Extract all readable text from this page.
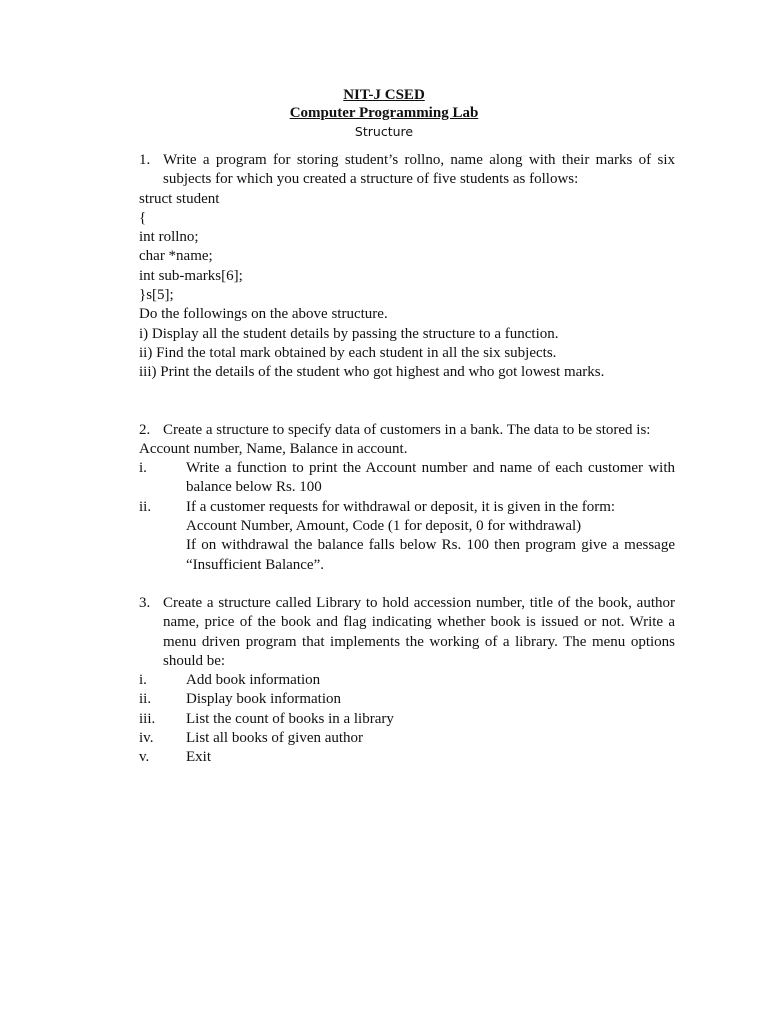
NIT-J CSED
Computer Programming Lab
Structure
1. Write a program for storing student’s rollno, name along with their marks of six subjects for which you created a structure of five students as follows:
struct student
{
int rollno;
char *name;
int sub-marks[6];
}s[5];
Do the followings on the above structure.
i) Display all the student details by passing the structure to a function.
ii) Find the total mark obtained by each student in all the six subjects.
iii) Print the details of the student who got highest and who got lowest marks.
2. Create a structure to specify data of customers in a bank. The data to be stored is:
Account number, Name, Balance in account.
i.	Write a function to print the Account number and name of each customer with balance below Rs. 100
ii.	If a customer requests for withdrawal or deposit, it is given in the form:
Account Number, Amount, Code (1 for deposit, 0 for withdrawal)
If on withdrawal the balance falls below Rs. 100 then program give a message “Insufficient Balance”.
3. Create a structure called Library to hold accession number, title of the book, author name, price of the book and flag indicating whether book is issued or not. Write a menu driven program that implements the working of a library. The menu options should be:
i.	Add book information
ii.	Display book information
iii.	List the count of books in a library
iv.	List all books of given author
v.	Exit
